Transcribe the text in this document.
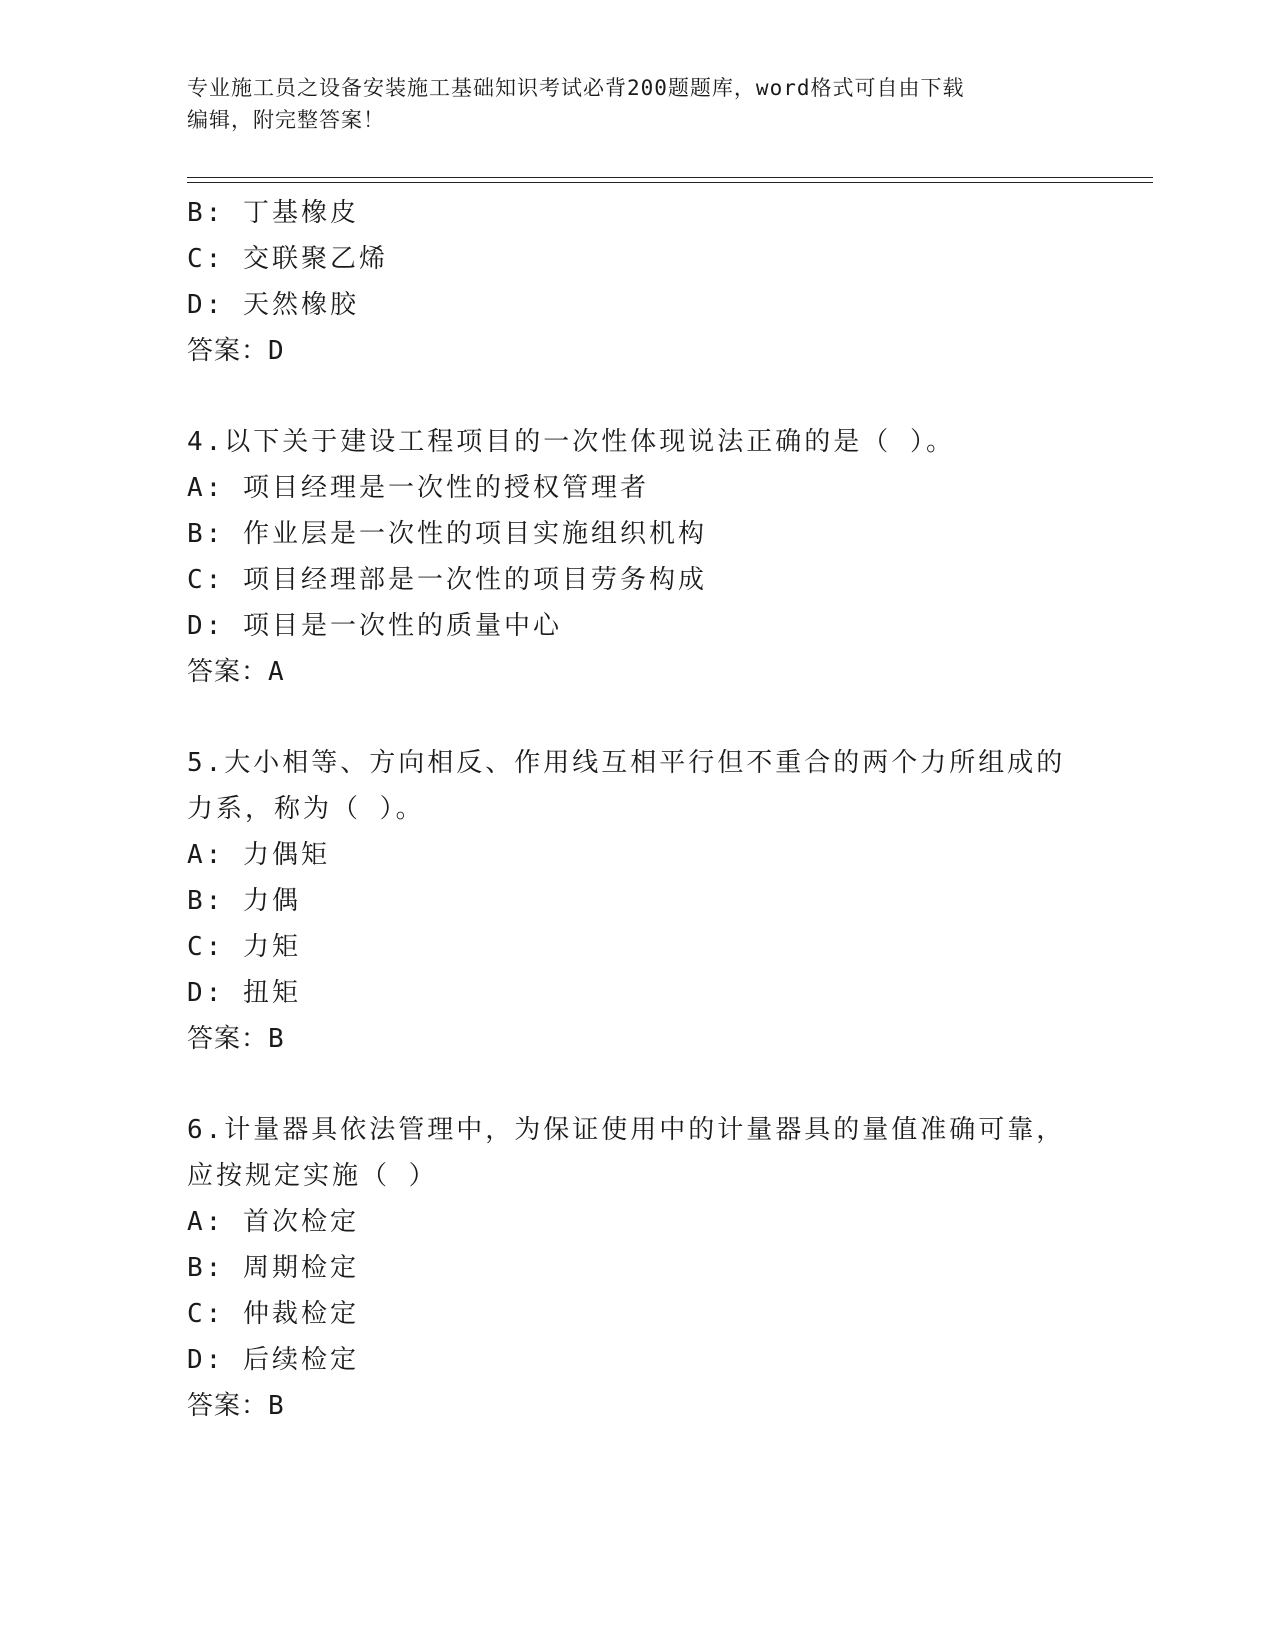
专业施工员之设备安装施工基础知识考试必背200题题库，word格式可自由下载
编辑，附完整答案！
B: 丁基橡皮
C: 交联聚乙烯
D: 天然橡胶
答案：D
4.以下关于建设工程项目的一次性体现说法正确的是（ ）。
A: 项目经理是一次性的授权管理者
B: 作业层是一次性的项目实施组织机构
C: 项目经理部是一次性的项目劳务构成
D: 项目是一次性的质量中心
答案：A
5.大小相等、方向相反、作用线互相平行但不重合的两个力所组成的
力系，称为（ ）。
A: 力偶矩
B: 力偶
C: 力矩
D: 扭矩
答案：B
6.计量器具依法管理中，为保证使用中的计量器具的量值准确可靠，
应按规定实施（ ）
A: 首次检定
B: 周期检定
C: 仲裁检定
D: 后续检定
答案：B
